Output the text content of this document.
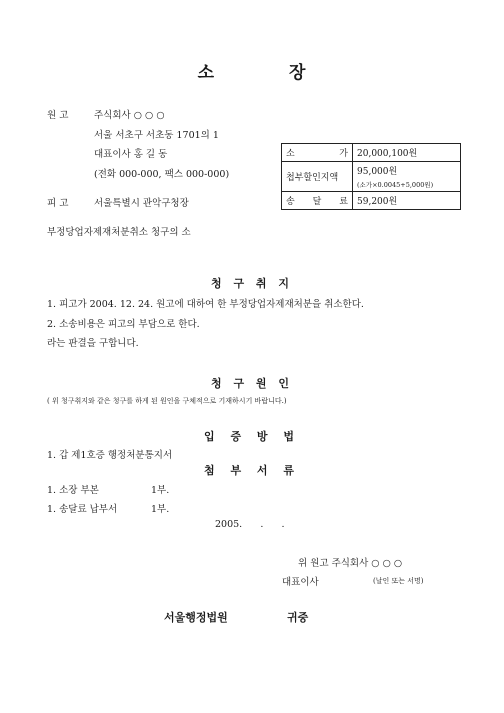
소	장
원 고	주식회사 ○ ○ ○
서울 서초구 서초동 1701의 1
대표이사 홍 길 동
(전화 000-000, 팩스 000-000)
피 고	서울특별시 관악구청장
부정당업자제재처분취소 청구의 소
소 가	20,000,100원
첩부할인지액	95,000원
(소가×0.0045+5,000원)

송 달 료	59,200원
청 구 취 지
1. 피고가 2004. 12. 24. 원고에 대하여 한 부정당업자제재처분을 취소한다.
2. 소송비용은 피고의 부담으로 한다.
라는 판결을 구합니다.
청 구 원 인
( 위 청구취지와 같은 청구를 하게 된 원인을 구체적으로 기재하시기 바랍니다.)
입 증 방 법
1. 갑 제1호증 행정처분통지서
첨 부 서 류
1. 소장 부본	1부.
1. 송달료 납부서	1부.
2005.      .      .
위 원고 주식회사 ○ ○ ○
대표이사	(날인 또는 서명)
서울행정법원	귀중
